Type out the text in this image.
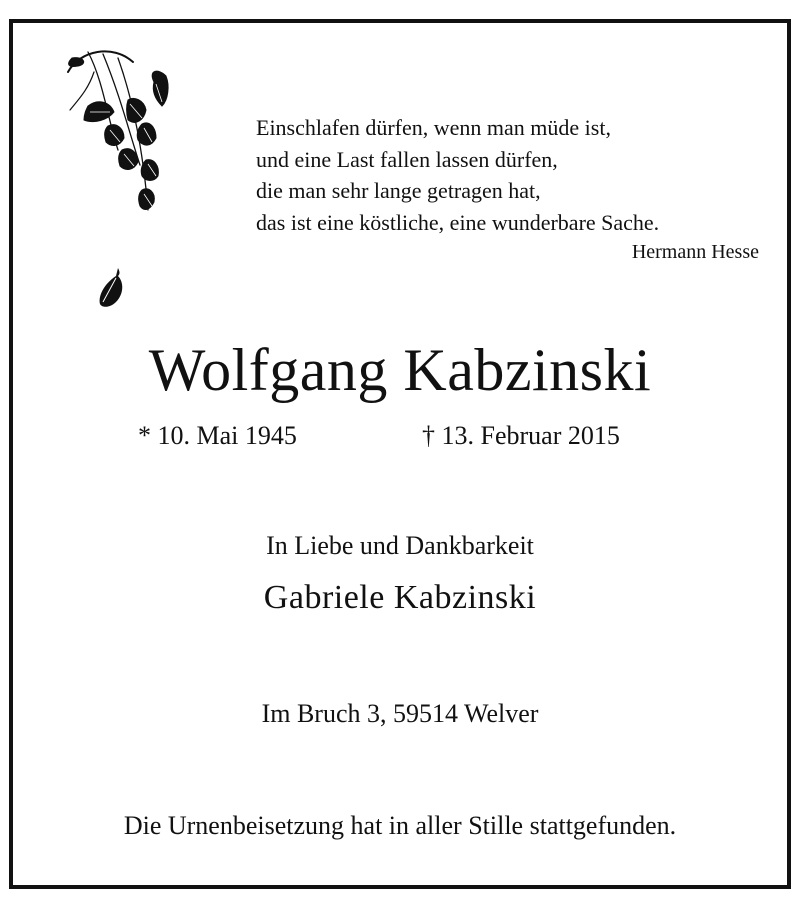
Einschlafen dürfen, wenn man müde ist,
und eine Last fallen lassen dürfen,
die man sehr lange getragen hat,
das ist eine köstliche, eine wunderbare Sache.
Hermann Hesse
Wolfgang Kabzinski
* 10. Mai 1945	† 13. Februar 2015
In Liebe und Dankbarkeit
Gabriele Kabzinski
Im Bruch 3, 59514 Welver
Die Urnenbeisetzung hat in aller Stille stattgefunden.
